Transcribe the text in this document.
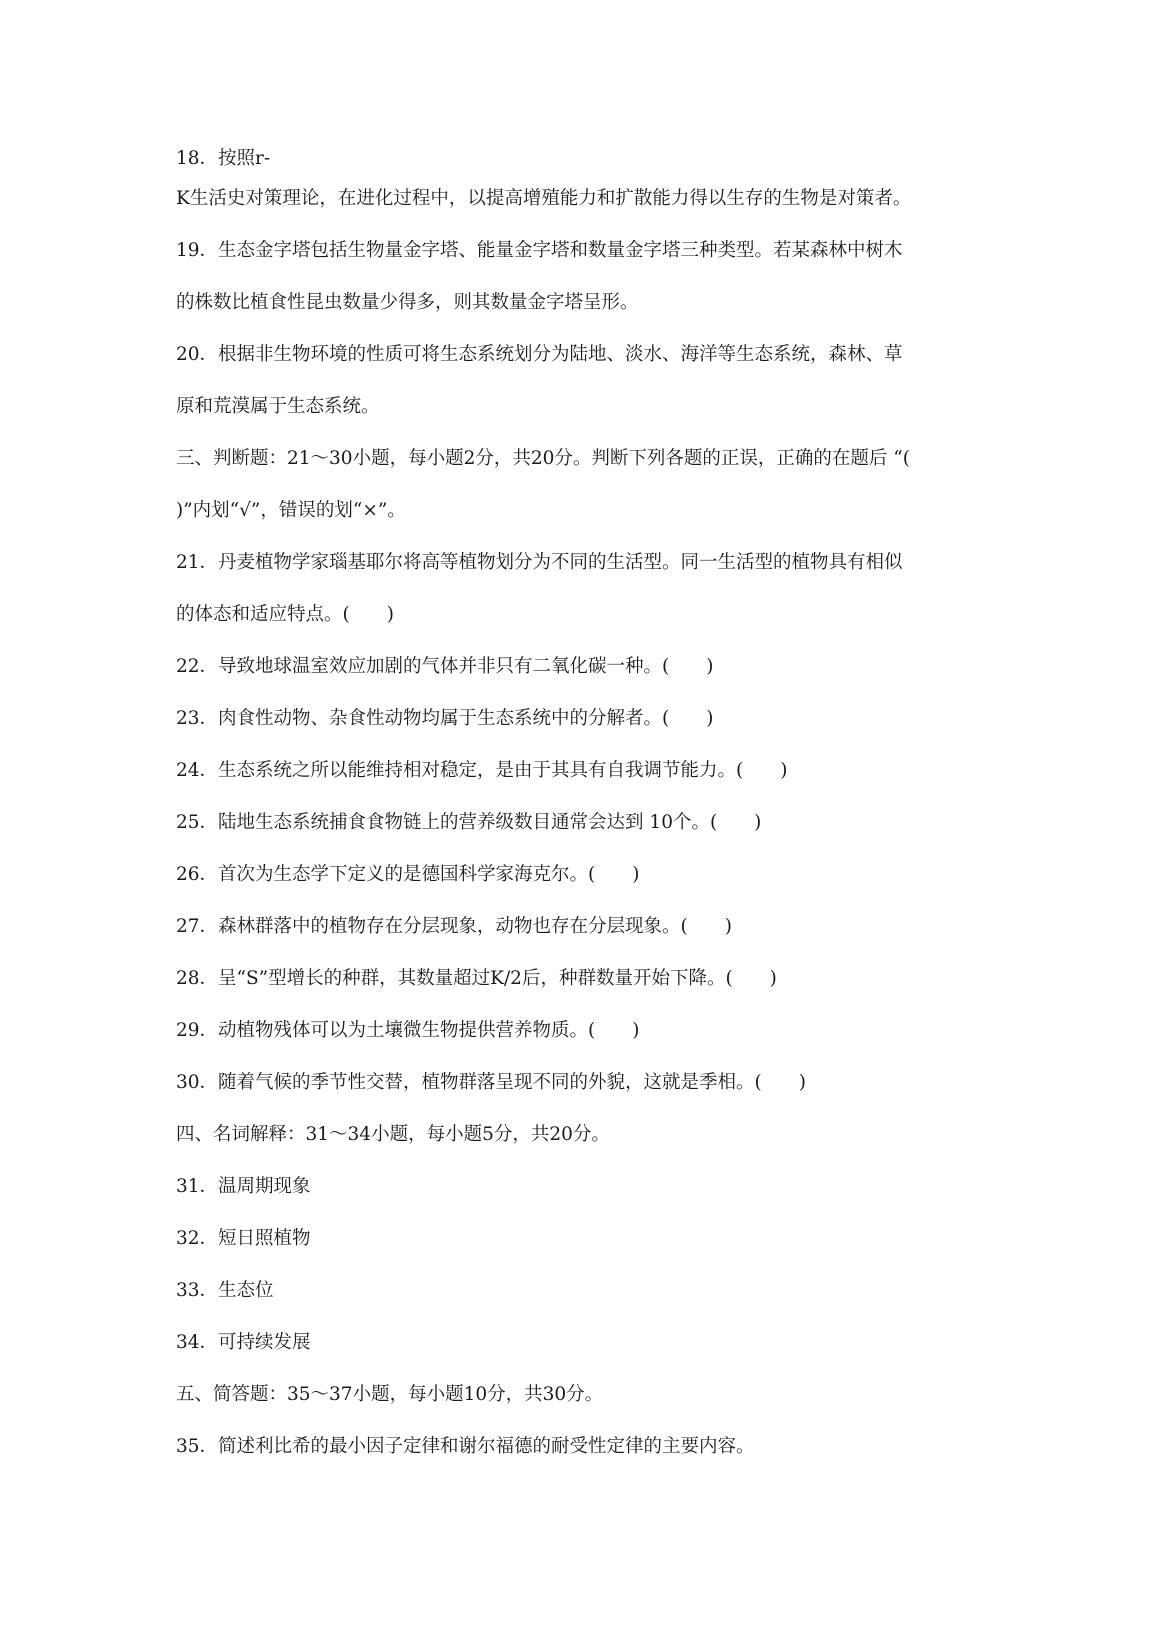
18．按照r-

K生活史对策理论，在进化过程中，以提高增殖能力和扩散能力得以生存的生物是对策者。

19．生态金字塔包括生物量金字塔、能量金字塔和数量金字塔三种类型。若某森林中树木

的株数比植食性昆虫数量少得多，则其数量金字塔呈形。

20．根据非生物环境的性质可将生态系统划分为陆地、淡水、海洋等生态系统，森林、草

原和荒漠属于生态系统。

三、判断题：21～30小题，每小题2分，共20分。判断下列各题的正误，正确的在题后 “(

)”内划“√”，错误的划“×”。

21．丹麦植物学家瑙基耶尔将高等植物划分为不同的生活型。同一生活型的植物具有相似

的体态和适应特点。(　　)

22．导致地球温室效应加剧的气体并非只有二氧化碳一种。(　　)

23．肉食性动物、杂食性动物均属于生态系统中的分解者。(　　)

24．生态系统之所以能维持相对稳定，是由于其具有自我调节能力。(　　)

25．陆地生态系统捕食食物链上的营养级数目通常会达到 10个。(　　)

26．首次为生态学下定义的是德国科学家海克尔。(　　)

27．森林群落中的植物存在分层现象，动物也存在分层现象。(　　)

28．呈“S”型增长的种群，其数量超过K/2后，种群数量开始下降。(　　)

29．动植物残体可以为土壤微生物提供营养物质。(　　)

30．随着气候的季节性交替，植物群落呈现不同的外貌，这就是季相。(　　)

四、名词解释：31～34小题，每小题5分，共20分。

31．温周期现象

32．短日照植物

33．生态位

34．可持续发展

五、简答题：35～37小题，每小题10分，共30分。

35．简述利比希的最小因子定律和谢尔福德的耐受性定律的主要内容。
